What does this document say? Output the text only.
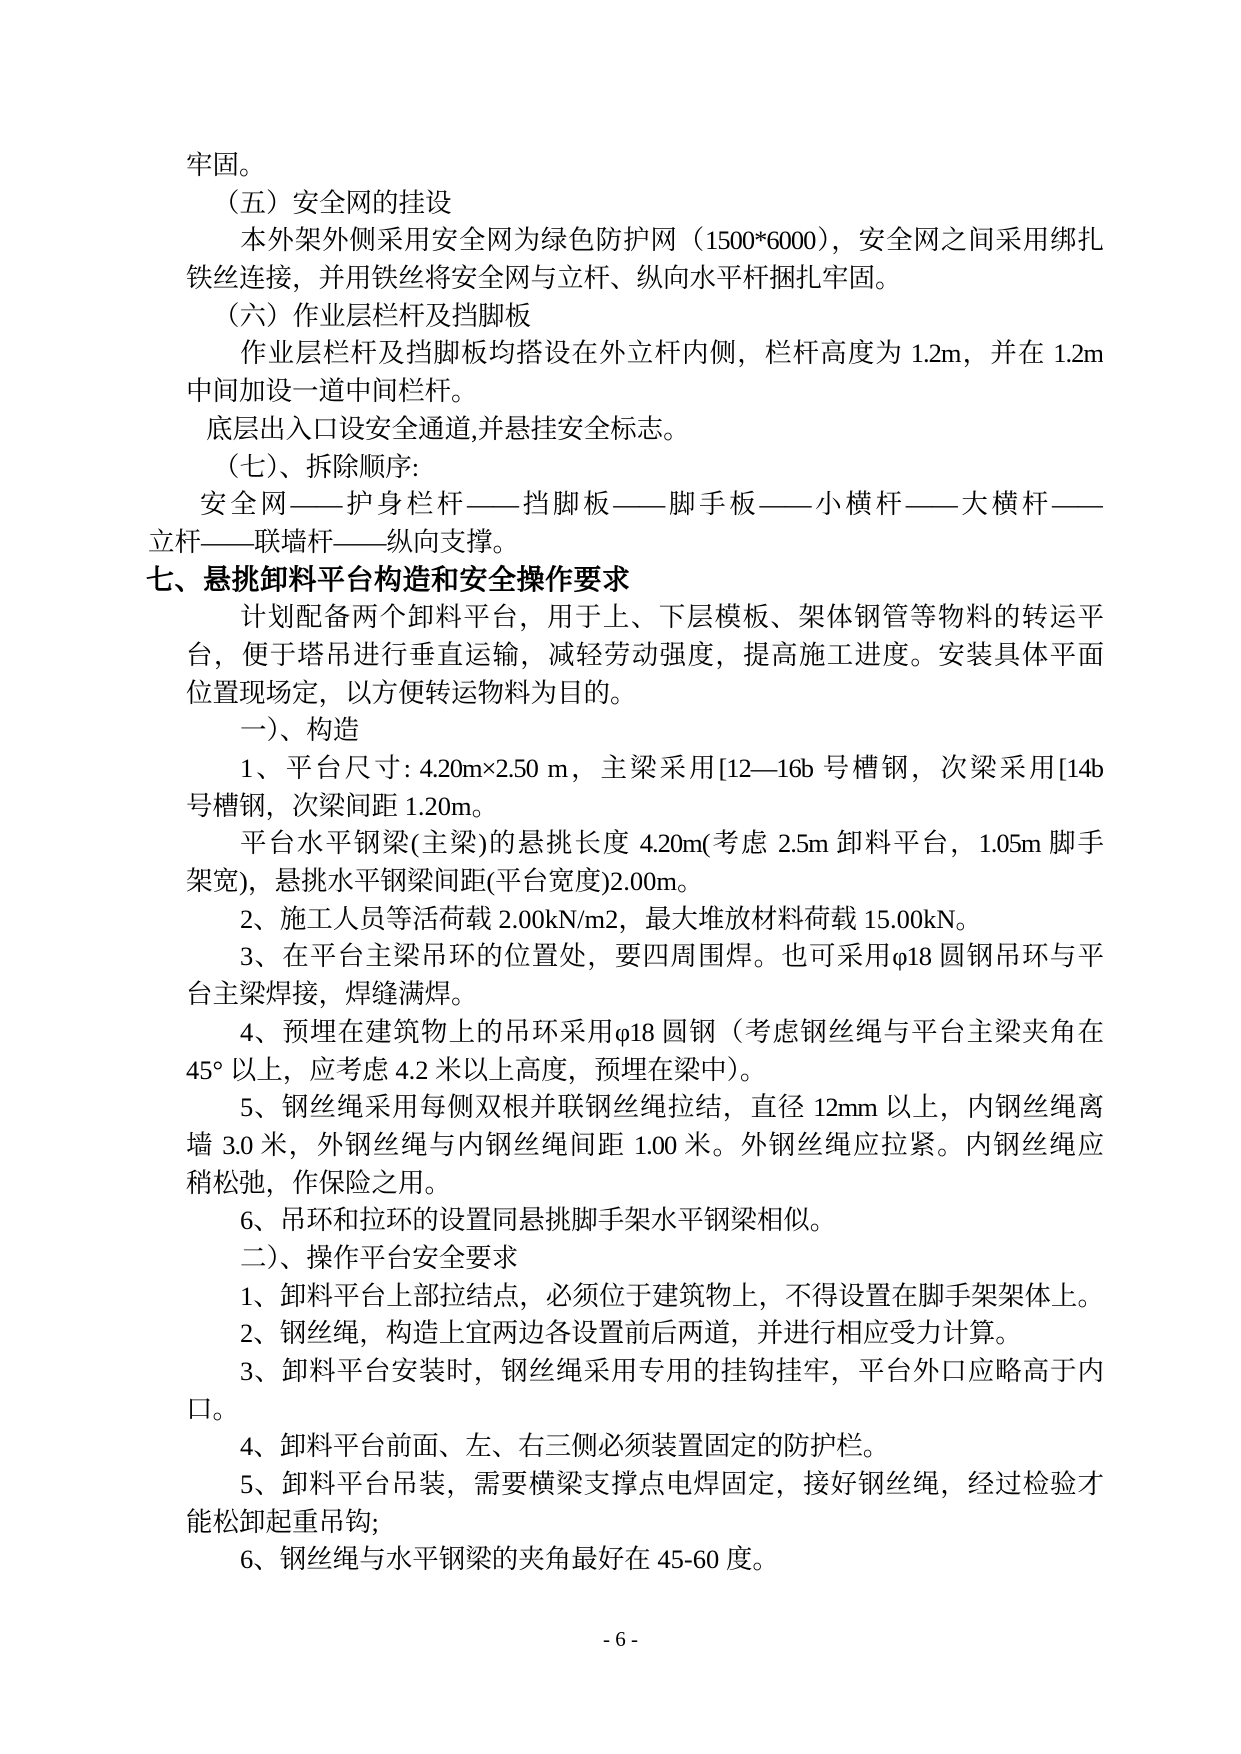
牢固。
（五）安全网的挂设
本外架外侧采用安全网为绿色防护网（1500*6000），安全网之间采用绑扎
铁丝连接，并用铁丝将安全网与立杆、纵向水平杆捆扎牢固。
（六）作业层栏杆及挡脚板
作业层栏杆及挡脚板均搭设在外立杆内侧，栏杆高度为 1.2m，并在 1.2m
中间加设一道中间栏杆。
底层出入口设安全通道,并悬挂安全标志。
（七）、拆除顺序:
安全网——护身栏杆——挡脚板——脚手板——小横杆——大横杆——
立杆——联墙杆——纵向支撑。
七、悬挑卸料平台构造和安全操作要求
计划配备两个卸料平台，用于上、下层模板、架体钢管等物料的转运平
台，便于塔吊进行垂直运输，减轻劳动强度，提高施工进度。安装具体平面
位置现场定，以方便转运物料为目的。
一）、构造
1、平台尺寸: 4.20m×2.50 m，主梁采用[12—16b 号槽钢，次梁采用[14b
号槽钢，次梁间距 1.20m。
平台水平钢梁(主梁)的悬挑长度 4.20m(考虑 2.5m 卸料平台，1.05m 脚手
架宽)，悬挑水平钢梁间距(平台宽度)2.00m。
2、施工人员等活荷载 2.00kN/m2，最大堆放材料荷载 15.00kN。
3、在平台主梁吊环的位置处，要四周围焊。也可采用φ18 圆钢吊环与平
台主梁焊接，焊缝满焊。
4、预埋在建筑物上的吊环采用φ18 圆钢（考虑钢丝绳与平台主梁夹角在
45° 以上，应考虑 4.2 米以上高度，预埋在梁中）。
5、钢丝绳采用每侧双根并联钢丝绳拉结，直径 12mm 以上，内钢丝绳离
墙 3.0 米，外钢丝绳与内钢丝绳间距 1.00 米。外钢丝绳应拉紧。内钢丝绳应
稍松弛，作保险之用。
6、吊环和拉环的设置同悬挑脚手架水平钢梁相似。
二）、操作平台安全要求
1、卸料平台上部拉结点，必须位于建筑物上，不得设置在脚手架架体上。
2、钢丝绳，构造上宜两边各设置前后两道，并进行相应受力计算。
3、卸料平台安装时，钢丝绳采用专用的挂钩挂牢，平台外口应略高于内
口。
4、卸料平台前面、左、右三侧必须装置固定的防护栏。
5、卸料平台吊装，需要横梁支撑点电焊固定，接好钢丝绳，经过检验才
能松卸起重吊钩;
6、钢丝绳与水平钢梁的夹角最好在 45-60 度。
- 6 -
